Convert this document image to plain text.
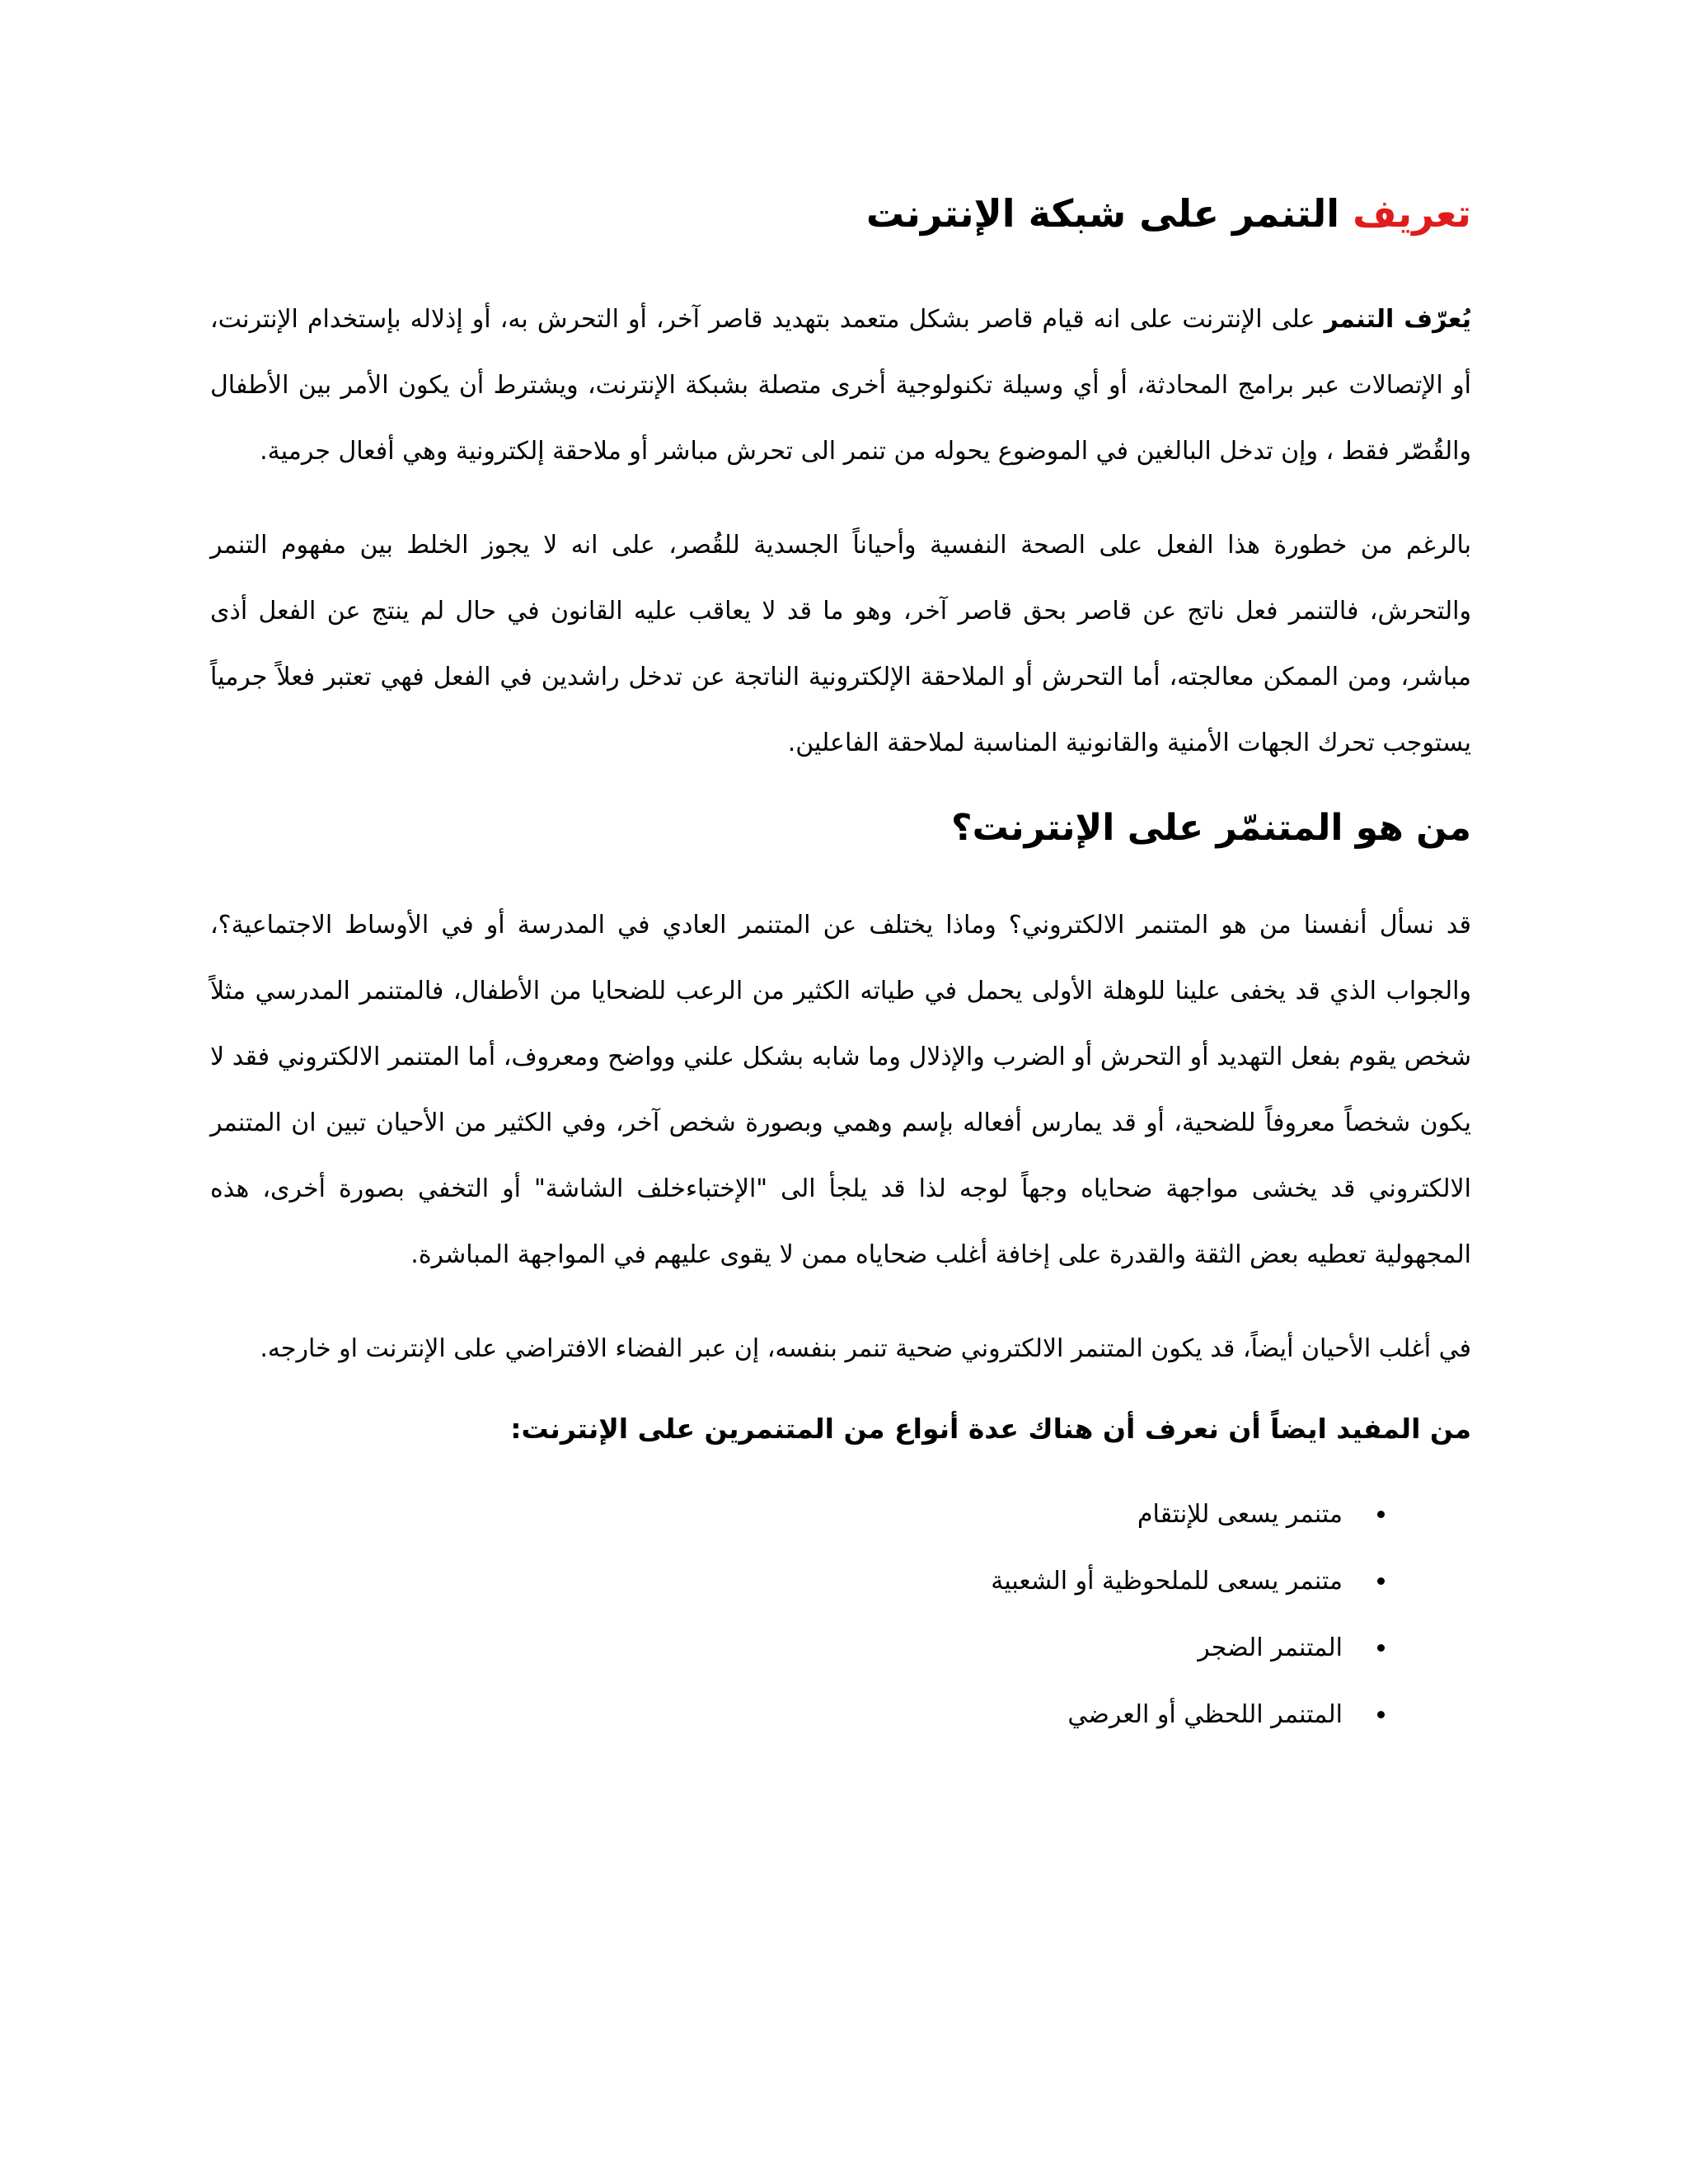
تعريف التنمر على شبكة الإنترنت

يُعرّف التنمر على الإنترنت على انه قيام قاصر بشكل متعمد بتهديد قاصر آخر، أو التحرش به، أو إذلاله بإستخدام الإنترنت، أو الإتصالات عبر برامج المحادثة، أو أي وسيلة تكنولوجية أخرى متصلة بشبكة الإنترنت، ويشترط أن يكون الأمر بين الأطفال والقُصّر فقط ، وإن تدخل البالغين في الموضوع يحوله من تنمر الى تحرش مباشر أو ملاحقة إلكترونية وهي أفعال جرمية.

بالرغم من خطورة هذا الفعل على الصحة النفسية وأحياناً الجسدية للقُصر، على انه لا يجوز الخلط بين مفهوم التنمر والتحرش، فالتنمر فعل ناتج عن قاصر بحق قاصر آخر، وهو ما قد لا يعاقب عليه القانون في حال لم ينتج عن الفعل أذى مباشر، ومن الممكن معالجته، أما التحرش أو الملاحقة الإلكترونية الناتجة عن تدخل راشدين في الفعل فهي تعتبر فعلاً جرمياً يستوجب تحرك الجهات الأمنية والقانونية المناسبة لملاحقة الفاعلين.

من هو المتنمّر على الإنترنت؟

قد نسأل أنفسنا من هو المتنمر الالكتروني؟ وماذا يختلف عن المتنمر العادي في المدرسة أو في الأوساط الاجتماعية؟، والجواب الذي قد يخفى علينا للوهلة الأولى يحمل في طياته الكثير من الرعب للضحايا من الأطفال، فالمتنمر المدرسي مثلاً شخص يقوم بفعل التهديد أو التحرش أو الضرب والإذلال وما شابه بشكل علني وواضح ومعروف، أما المتنمر الالكتروني فقد لا يكون شخصاً معروفاً للضحية، أو قد يمارس أفعاله بإسم وهمي وبصورة شخص آخر، وفي الكثير من الأحيان تبين ان المتنمر الالكتروني قد يخشى مواجهة ضحاياه وجهاً لوجه لذا قد يلجأ الى "الإختباءخلف الشاشة" أو التخفي بصورة أخرى، هذه المجهولية تعطيه بعض الثقة والقدرة على إخافة أغلب ضحاياه ممن لا يقوى عليهم في المواجهة المباشرة.

في أغلب الأحيان أيضاً، قد يكون المتنمر الالكتروني ضحية تنمر بنفسه، إن عبر الفضاء الافتراضي على الإنترنت او خارجه.

من المفيد ايضاً أن نعرف أن هناك عدة أنواع من المتنمرين على الإنترنت:
• متنمر يسعى للإنتقام
• متنمر يسعى للملحوظية أو الشعبية
• المتنمر الضجر
• المتنمر اللحظي أو العرضي
